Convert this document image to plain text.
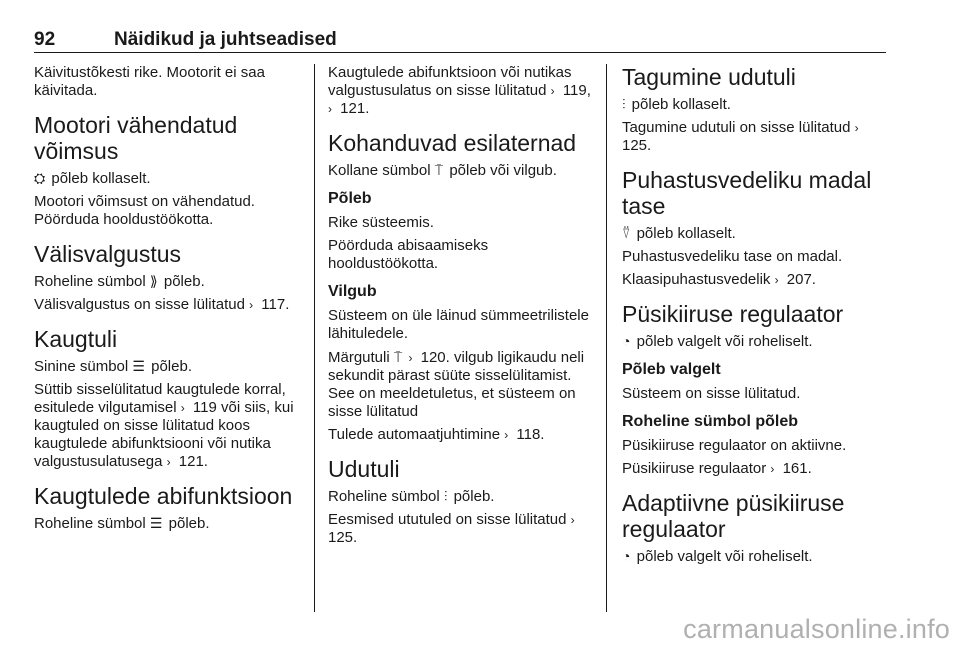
92	Näidikud ja juhtseadised
Käivitustõkesti rike. Mootorit ei saa käivitada.
Mootori vähendatud võimsus
⛭ põleb kollaselt.
Mootori võimsust on vähendatud. Pöörduda hooldustöökotta.
Välisvalgustus
Roheline sümbol ⟫ põleb.
Välisvalgustus on sisse lülitatud › 117.
Kaugtuli
Sinine sümbol ☰ põleb.
Süttib sisselülitatud kaugtulede korral, esitulede vilgutamisel › 119 või siis, kui kaugtuled on sisse lülitatud koos kaugtulede abifunktsiooni või nutika valgustusulatusega › 121.
Kaugtulede abifunktsioon
Roheline sümbol ☰ põleb.
Kaugtulede abifunktsioon või nutikas valgustusulatus on sisse lülitatud › 119, › 121.
Kohanduvad esilaternad
Kollane sümbol ⍑ põleb või vilgub.
Põleb
Rike süsteemis.
Pöörduda abisaamiseks hooldustöökotta.
Vilgub
Süsteem on üle läinud sümmeetrilistele lähituledele.
Märgutuli ⍑ › 120. vilgub ligikaudu neli sekundit pärast süüte sisselülitamist. See on meeldetuletus, et süsteem on sisse lülitatud
Tulede automaatjuhtimine › 118.
Udutuli
Roheline sümbol ⫶ põleb.
Eesmised ututuled on sisse lülitatud › 125.
Tagumine udutuli
⫶ põleb kollaselt.
Tagumine udutuli on sisse lülitatud › 125.
Puhastusvedeliku madal tase
⍢ põleb kollaselt.
Puhastusvedeliku tase on madal.
Klaasipuhastusvedelik › 207.
Püsikiiruse regulaator
◔ põleb valgelt või roheliselt.
Põleb valgelt
Süsteem on sisse lülitatud.
Roheline sümbol põleb
Püsikiiruse regulaator on aktiivne.
Püsikiiruse regulaator › 161.
Adaptiivne püsikiiruse regulaator
◔ põleb valgelt või roheliselt.
carmanualsonline.info
